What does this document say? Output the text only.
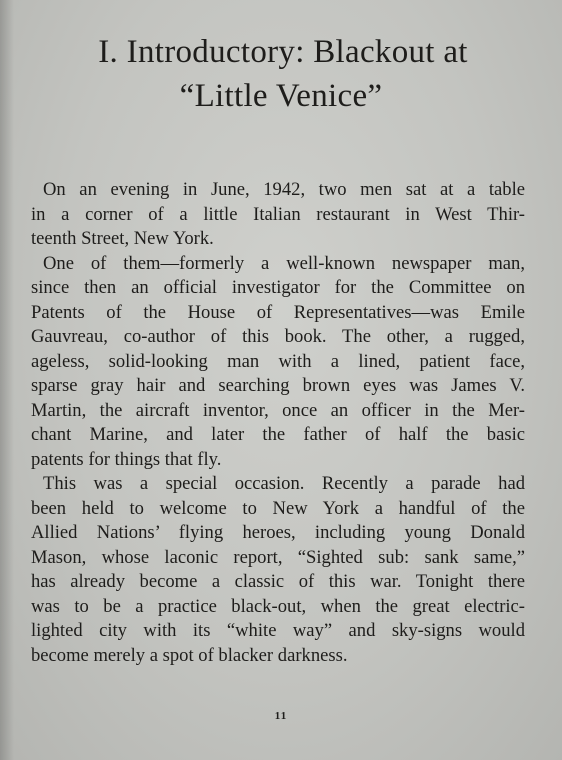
I. Introductory: Blackout at
“Little Venice”
On an evening in June, 1942, two men sat at a table
in a corner of a little Italian restaurant in West Thir-
teenth Street, New York.
One of them—formerly a well-known newspaper man,
since then an official investigator for the Committee on
Patents of the House of Representatives—was Emile
Gauvreau, co-author of this book. The other, a rugged,
ageless, solid-looking man with a lined, patient face,
sparse gray hair and searching brown eyes was James V.
Martin, the aircraft inventor, once an officer in the Mer-
chant Marine, and later the father of half the basic
patents for things that fly.
This was a special occasion. Recently a parade had
been held to welcome to New York a handful of the
Allied Nations’ flying heroes, including young Donald
Mason, whose laconic report, “Sighted sub: sank same,”
has already become a classic of this war. Tonight there
was to be a practice black-out, when the great electric-
lighted city with its “white way” and sky-signs would
become merely a spot of blacker darkness.
11
